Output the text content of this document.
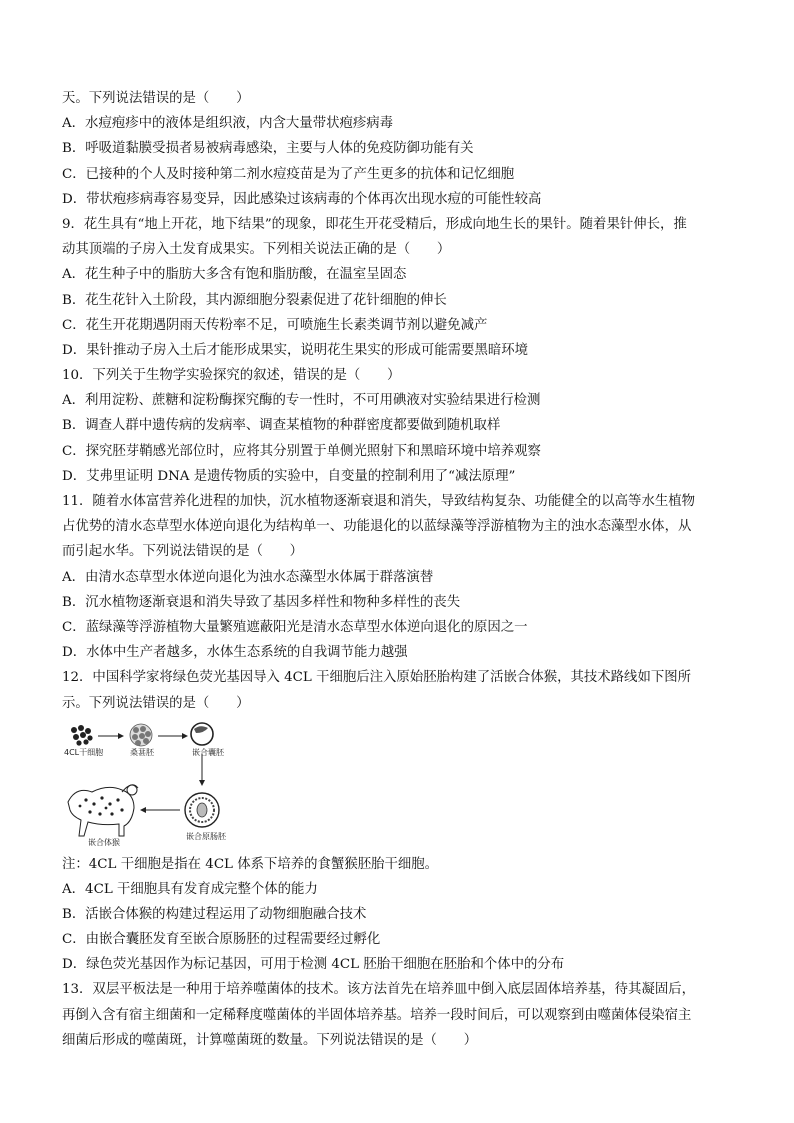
天。下列说法错误的是（　　）
A．水痘疱疹中的液体是组织液，内含大量带状疱疹病毒
B．呼吸道黏膜受损者易被病毒感染，主要与人体的免疫防御功能有关
C．已接种的个人及时接种第二剂水痘疫苗是为了产生更多的抗体和记忆细胞
D．带状疱疹病毒容易变异，因此感染过该病毒的个体再次出现水痘的可能性较高
9．花生具有“地上开花，地下结果”的现象，即花生开花受精后，形成向地生长的果针。随着果针伸长，推
动其顶端的子房入土发育成果实。下列相关说法正确的是（　　）
A．花生种子中的脂肪大多含有饱和脂肪酸，在温室呈固态
B．花生花针入土阶段，其内源细胞分裂素促进了花针细胞的伸长
C．花生开花期遇阴雨天传粉率不足，可喷施生长素类调节剂以避免减产
D．果针推动子房入土后才能形成果实，说明花生果实的形成可能需要黑暗环境
10．下列关于生物学实验探究的叙述，错误的是（　　）
A．利用淀粉、蔗糖和淀粉酶探究酶的专一性时，不可用碘液对实验结果进行检测
B．调查人群中遗传病的发病率、调查某植物的种群密度都要做到随机取样
C．探究胚芽鞘感光部位时，应将其分别置于单侧光照射下和黑暗环境中培养观察
D．艾弗里证明 DNA 是遗传物质的实验中，自变量的控制利用了“减法原理”
11．随着水体富营养化进程的加快，沉水植物逐渐衰退和消失，导致结构复杂、功能健全的以高等水生植物
占优势的清水态草型水体逆向退化为结构单一、功能退化的以蓝绿藻等浮游植物为主的浊水态藻型水体，从
而引起水华。下列说法错误的是（　　）
A．由清水态草型水体逆向退化为浊水态藻型水体属于群落演替
B．沉水植物逐渐衰退和消失导致了基因多样性和物种多样性的丧失
C．蓝绿藻等浮游植物大量繁殖遮蔽阳光是清水态草型水体逆向退化的原因之一
D．水体中生产者越多，水体生态系统的自我调节能力越强
12．中国科学家将绿色荧光基因导入 4CL 干细胞后注入原始胚胎构建了活嵌合体猴，其技术路线如下图所
示。下列说法错误的是（　　）
4CL干细胞	桑葚胚	嵌合囊胚
嵌合体猴
嵌合原肠胚
注：4CL 干细胞是指在 4CL 体系下培养的食蟹猴胚胎干细胞。
A．4CL 干细胞具有发育成完整个体的能力
B．活嵌合体猴的构建过程运用了动物细胞融合技术
C．由嵌合囊胚发育至嵌合原肠胚的过程需要经过孵化
D．绿色荧光基因作为标记基因，可用于检测 4CL 胚胎干细胞在胚胎和个体中的分布
13．双层平板法是一种用于培养噬菌体的技术。该方法首先在培养皿中倒入底层固体培养基，待其凝固后，
再倒入含有宿主细菌和一定稀释度噬菌体的半固体培养基。培养一段时间后，可以观察到由噬菌体侵染宿主
细菌后形成的噬菌斑，计算噬菌斑的数量。下列说法错误的是（　　）
